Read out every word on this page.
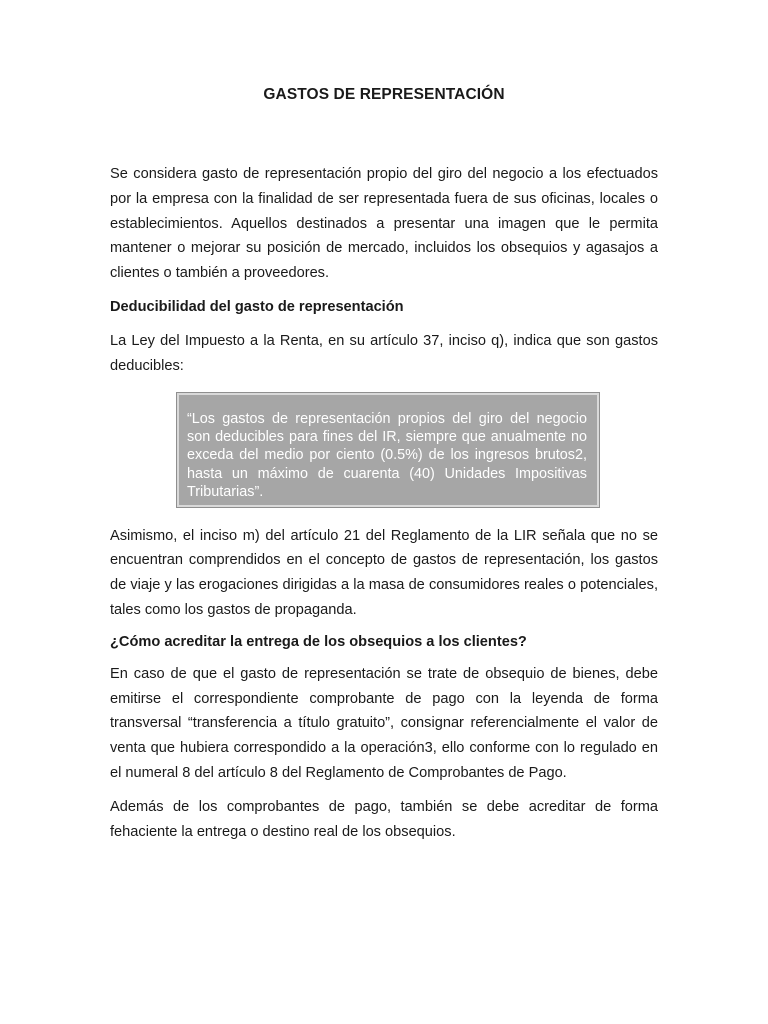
GASTOS DE REPRESENTACIÓN

Se considera gasto de representación propio del giro del negocio a los efectuados por la empresa con la finalidad de ser representada fuera de sus oficinas, locales o establecimientos. Aquellos destinados a presentar una imagen que le permita mantener o mejorar su posición de mercado, incluidos los obsequios y agasajos a clientes o también a proveedores.

Deducibilidad del gasto de representación

La Ley del Impuesto a la Renta, en su artículo 37, inciso q), indica que son gastos deducibles:

“Los gastos de representación propios del giro del negocio son deducibles para fines del IR, siempre que anualmente no exceda del medio por ciento (0.5%) de los ingresos brutos2, hasta un máximo de cuarenta (40) Unidades Impositivas Tributarias”.

Asimismo, el inciso m) del artículo 21 del Reglamento de la LIR señala que no se encuentran comprendidos en el concepto de gastos de representación, los gastos de viaje y las erogaciones dirigidas a la masa de consumidores reales o potenciales, tales como los gastos de propaganda.

¿Cómo acreditar la entrega de los obsequios a los clientes?

En caso de que el gasto de representación se trate de obsequio de bienes, debe emitirse el correspondiente comprobante de pago con la leyenda de forma transversal “transferencia a título gratuito”, consignar referencialmente el valor de venta que hubiera correspondido a la operación3, ello conforme con lo regulado en el numeral 8 del artículo 8 del Reglamento de Comprobantes de Pago.

Además de los comprobantes de pago, también se debe acreditar de forma fehaciente la entrega o destino real de los obsequios.
